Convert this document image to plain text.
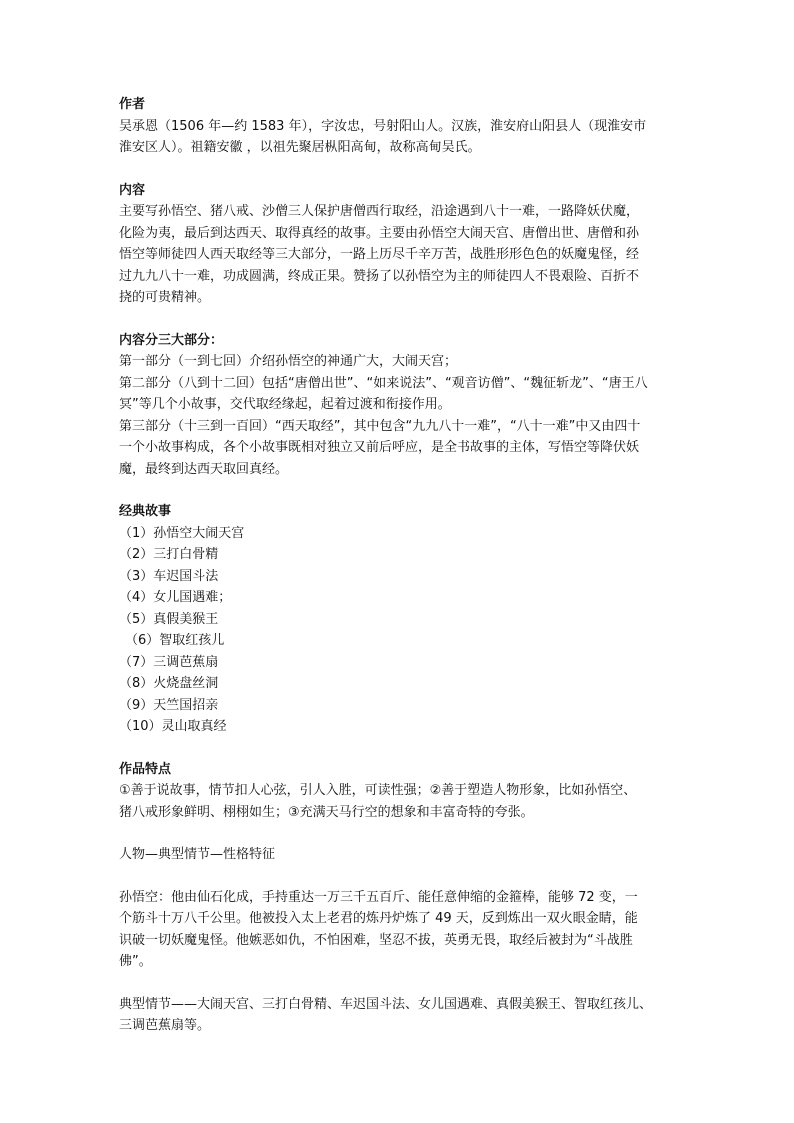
作者
吴承恩（1506 年—约 1583 年），字汝忠，号射阳山人。汉族，淮安府山阳县人（现淮安市
淮安区人）。祖籍安徽 ，以祖先聚居枞阳高甸，故称高甸吴氏。
内容
主要写孙悟空、猪八戒、沙僧三人保护唐僧西行取经，沿途遇到八十一难，一路降妖伏魔，
化险为夷，最后到达西天、取得真经的故事。主要由孙悟空大闹天宫、唐僧出世、唐僧和孙
悟空等师徒四人西天取经等三大部分，一路上历尽千辛万苦，战胜形形色色的妖魔鬼怪，经
过九九八十一难，功成圆满，终成正果。赞扬了以孙悟空为主的师徒四人不畏艰险、百折不
挠的可贵精神。
内容分三大部分：
第一部分（一到七回）介绍孙悟空的神通广大，大闹天宫；
第二部分（八到十二回）包括“唐僧出世”、“如来说法”、“观音访僧”、“魏征斩龙”、“唐王八
冥”等几个小故事，交代取经缘起，起着过渡和衔接作用。
第三部分（十三到一百回）“西天取经”，其中包含“九九八十一难”，“八十一难”中又由四十
一个小故事构成，各个小故事既相对独立又前后呼应，是全书故事的主体，写悟空等降伏妖
魔，最终到达西天取回真经。
经典故事
（1）孙悟空大闹天宫
（2）三打白骨精
（3）车迟国斗法
（4）女儿国遇难；
（5）真假美猴王
（6）智取红孩儿
（7）三调芭蕉扇
（8）火烧盘丝洞
（9）天竺国招亲
（10）灵山取真经
作品特点
①善于说故事，情节扣人心弦，引人入胜，可读性强；②善于塑造人物形象，比如孙悟空、
猪八戒形象鲜明、栩栩如生；③充满天马行空的想象和丰富奇特的夸张。
人物—典型情节—性格特征
孙悟空：他由仙石化成，手持重达一万三千五百斤、能任意伸缩的金箍棒，能够 72 变，一
个筋斗十万八千公里。他被投入太上老君的炼丹炉炼了 49 天，反到炼出一双火眼金睛，能
识破一切妖魔鬼怪。他嫉恶如仇，不怕困难，坚忍不拔，英勇无畏，取经后被封为“斗战胜
佛”。
典型情节——大闹天宫、三打白骨精、车迟国斗法、女儿国遇难、真假美猴王、智取红孩儿、
三调芭蕉扇等。
